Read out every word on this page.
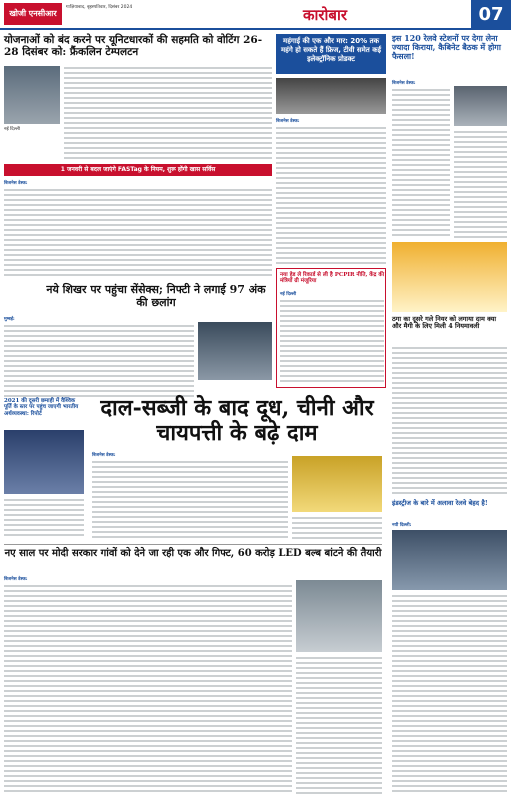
खोजी एनसीआर
गाज़ियाबाद, बृहस्पतिवार, दिसंबर 2024	कारोबार	07
योजनाओं को बंद करने पर यूनिटधारकों की सहमति को वोटिंग 26-28 दिसंबर को: फ्रैंकलिन टेम्पलटन
नई दिल्ली
1 जनवरी से बदल जाएंगे FASTag के नियम, शुरू होंगी खास सर्विस
बिजनेस डेस्क:
नये शिखर पर पहुंचा सेंसेक्स; निफ्टी ने लगाई 97 अंक की छलांग
मुम्बई:
2021 की दूसरी छमाही में वैश्विक पूर्ति के स्तर पर पहुंच जाएगी भारतीय अर्थव्यवस्था: रिपोर्ट	दाल-सब्जी के बाद दूध, चीनी और चायपत्ती के बढ़े दाम
बिजनेस डेस्क:
नए साल पर मोदी सरकार गांवों को देने जा रही एक और गिफ्ट, 60 करोड़ LED बल्ब बांटने की तैयारी
बिजनेस डेस्क:
महंगाई की एक और मार: 20% तक महंगे हो सकते हैं फ्रिज, टीवी समेत कई इलेक्ट्रॉनिक प्रोडक्ट
बिजनेस डेस्क:
नया हेड ले रिकार्ड से ली है PCPIR नीति, केंद्र की मंत्रियों ग्री मंजूरिया
नई दिल्ली
इस 120 रेलवे स्टेशनों पर देगा लेना ज्यादा किराया, कैबिनेट बैठक में होगा फैसला!
बिजनेस डेस्क:
ठगा का दूसरे गले नियर को लगाया दाम क्‍या और मैगी के लिए मिली 4 नियमावली
इंडस्ट्रीज के बारे में अलावा रेलवे बेहद है!
नयी दिल्ली:
